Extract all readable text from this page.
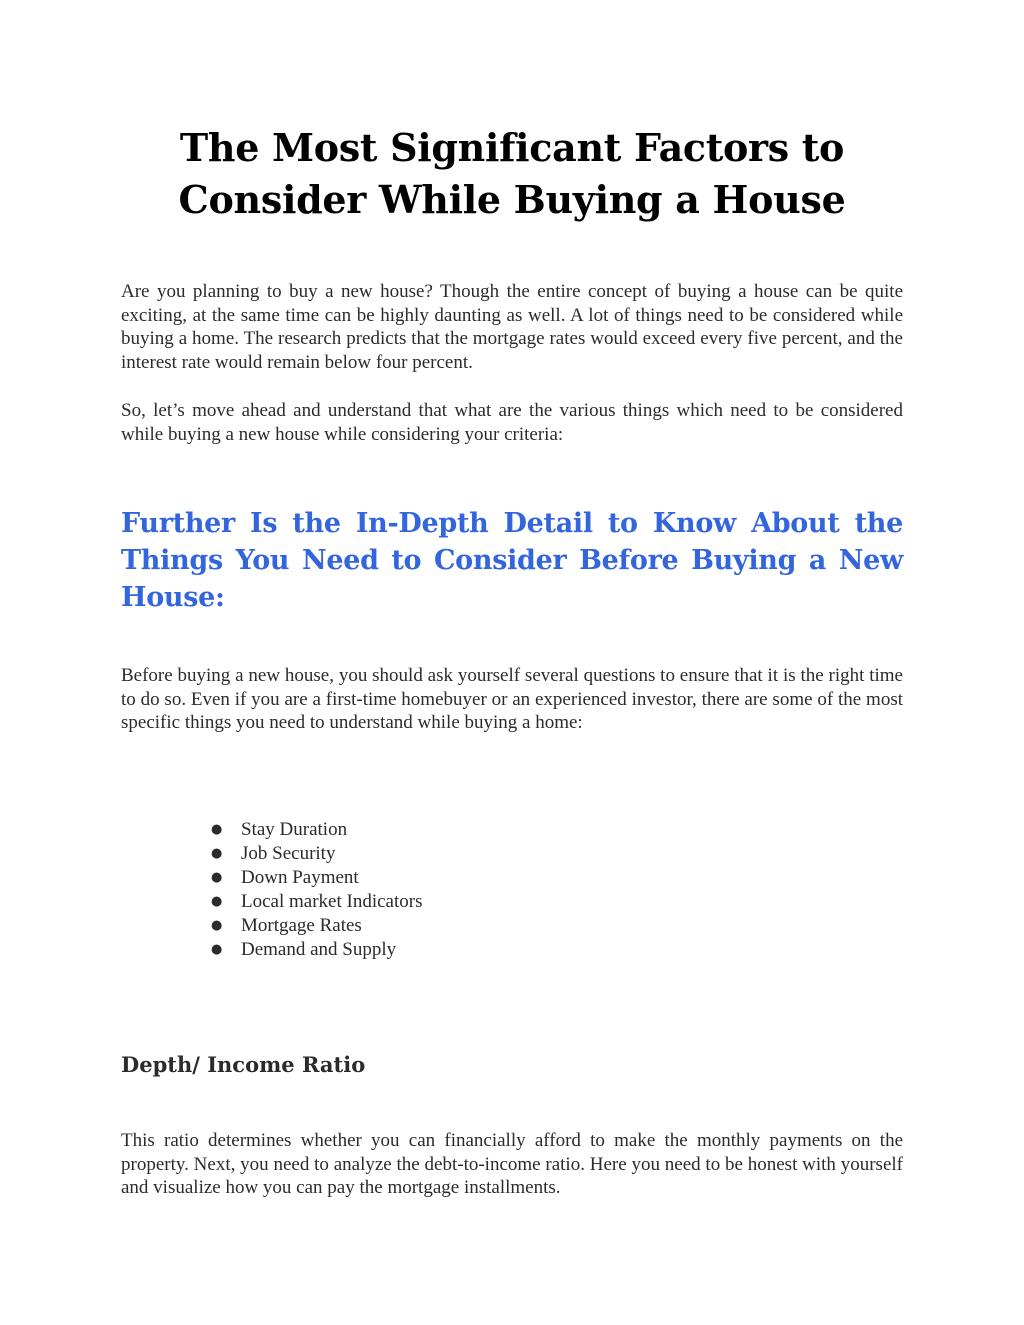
The Most Significant Factors to
Consider While Buying a House

Are you planning to buy a new house? Though the entire concept of buying a house can be quite exciting, at the same time can be highly daunting as well. A lot of things need to be considered while buying a home. The research predicts that the mortgage rates would exceed every five percent, and the interest rate would remain below four percent.

So, let’s move ahead and understand that what are the various things which need to be considered while buying a new house while considering your criteria:

Further Is the In-Depth Detail to Know About the Things You Need to Consider Before Buying a New House:

Before buying a new house, you should ask yourself several questions to ensure that it is the right time to do so. Even if you are a first-time homebuyer or an experienced investor, there are some of the most specific things you need to understand while buying a home:

● Stay Duration
● Job Security
● Down Payment
● Local market Indicators
● Mortgage Rates
● Demand and Supply
Depth/ Income Ratio

This ratio determines whether you can financially afford to make the monthly payments on the property. Next, you need to analyze the debt-to-income ratio. Here you need to be honest with yourself and visualize how you can pay the mortgage installments.
